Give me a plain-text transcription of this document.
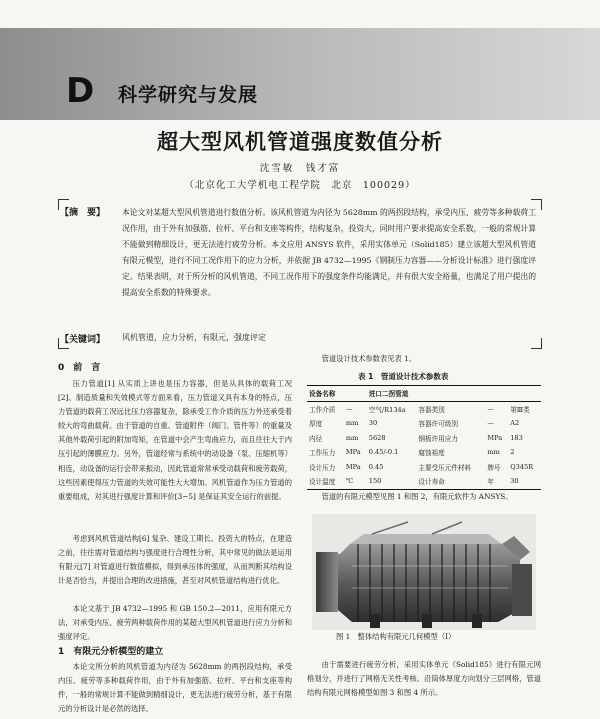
D 科学研究与发展
超大型风机管道强度数值分析
沈雪敏　钱才富
（北京化工大学机电工程学院　北京　100029）
【摘　要】 本论文对某超大型风机管道进行数值分析。该风机管道为内径为 5628mm 的两拐段结构，承受内压、疲劳等多种载荷工况作用，由于外有加强筋、拉杆、平台和支座等构件，结构复杂，投资大，同时用户要求提高安全系数，一般的常规计算不能做到精细设计，更无法进行疲劳分析。本文应用 ANSYS 软件，采用实体单元（Solid185）建立该超大型风机管道有限元模型，进行不同工况作用下的应力分析，并依据 JB 4732—1995《钢制压力容器——分析设计标准》进行强度评定。结果表明，对于所分析的风机管道，不同工况作用下的强度条件均能满足，并有很大安全裕量，也满足了用户提出的提高安全系数的特殊要求。
【关键词】 风机管道，应力分析，有限元，强度评定
0　前　言
压力管道[1] 从实质上讲也是压力容器，但是从具体的载荷工况[2]、制造质量和失效模式等方面来看，压力管道又具有本身的特点，压力管道的载荷工况远比压力容器复杂，除承受工作介质的压力外还承受着较大的弯曲载荷。由于管道的自重、管道附件（阀门、管件等）的重量及其他外载荷引起的附加弯矩，在管道中会产生弯曲应力，而且往往大于内压引起的薄膜应力。另外，管道经常与系统中的动设备（泵、压缩机等）相连，动设备的运行会带来振动，因此管道常常承受动载荷和疲劳载荷，这些因素使得压力管道的失效可能性大大增加。风机管道作为压力管道的重要组成，对其进行强度计算和评价[3~5] 是保证其安全运行的前提。
考虑到风机管道结构[6] 复杂、建设工期长、投资大的特点，在建造之前，往往需对管道结构与强度进行合理性分析，其中常见的做法是运用有限元[7] 对管道进行数值模拟，得到承压体的强度，从而判断其结构设计是否恰当，并提出合理的改进措施，甚至对风机管道结构进行优化。
本论文基于 JB 4732—1995 和 GB 150.2—2011，应用有限元方法，对承受内压、疲劳两种载荷作用的某超大型风机管道进行应力分析和强度评定。
1　有限元分析模型的建立
本论文所分析的风机管道为内径为 5628mm 的两拐段结构，承受内压、疲劳等多种载荷作用，由于外有加强筋、拉杆、平台和支座等构件，一般的常规计算不能做到精细设计，更无法进行疲劳分析，基于有限元的分析设计是必然的选择。
管道设计技术参数表见表 1。
表 1　管道设计技术参数表
设备名称		进口二拐管道			
工作介质	—	空气/R134a	容器类别	—	第Ⅲ类
厚度	mm	30	容器许可级别	—	A2
内径	mm	5628	钢板许用应力	MPa	183
工作压力	MPa	0.45/-0.1	腐蚀裕度	mm	2
设计压力	MPa	0.45	主要受压元件材料	牌号	Q345R
设计温度	℃	150	设计寿命	年	30
管道的有限元模型见图 1 和图 2，有限元软件为 ANSYS。
图 1　整体结构有限元几何模型（Ⅰ）
由于需要进行疲劳分析，采用实体单元（Solid185）进行有限元网格划分，并进行了网格无关性考核。沿筒体厚度方向划分三层网格，管道结构有限元网格模型如图 3 和图 4 所示。
